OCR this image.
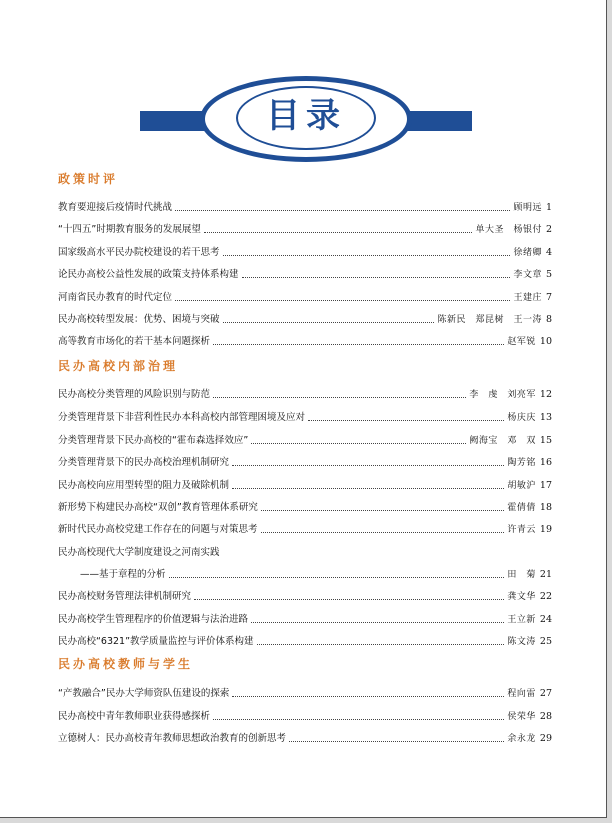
目录
政策时评
教育要迎接后疫情时代挑战	顾明远 1
“十四五”时期教育服务的发展展望	单大圣　杨银付 2
国家级高水平民办院校建设的若干思考	徐绪卿 4
论民办高校公益性发展的政策支持体系构建	李文章 5
河南省民办教育的时代定位	王建庄 7
民办高校转型发展：优势、困境与突破	陈新民　郑昆树　王一涛 8
高等教育市场化的若干基本问题探析	赵军锐 10
民办高校内部治理
民办高校分类管理的风险识别与防范	李　虔　刘亮军 12
分类管理背景下非营利性民办本科高校内部管理困境及应对	杨庆庆 13
分类管理背景下民办高校的“霍布森选择效应”	阙海宝　邓　双 15
分类管理背景下的民办高校治理机制研究	陶芳铭 16
民办高校向应用型转型的阻力及破除机制	胡敏沪 17
新形势下构建民办高校“双创”教育管理体系研究	霍倩倩 18
新时代民办高校党建工作存在的问题与对策思考	许青云 19
民办高校现代大学制度建设之河南实践
——基于章程的分析	田　菊 21
民办高校财务管理法律机制研究	龚文华 22
民办高校学生管理程序的价值逻辑与法治进路	王立新 24
民办高校“6321”教学质量监控与评价体系构建	陈文涛 25
民办高校教师与学生
“产教融合”民办大学师资队伍建设的探索	程向雷 27
民办高校中青年教师职业获得感探析	侯荣华 28
立德树人：民办高校青年教师思想政治教育的创新思考	余永龙 29
